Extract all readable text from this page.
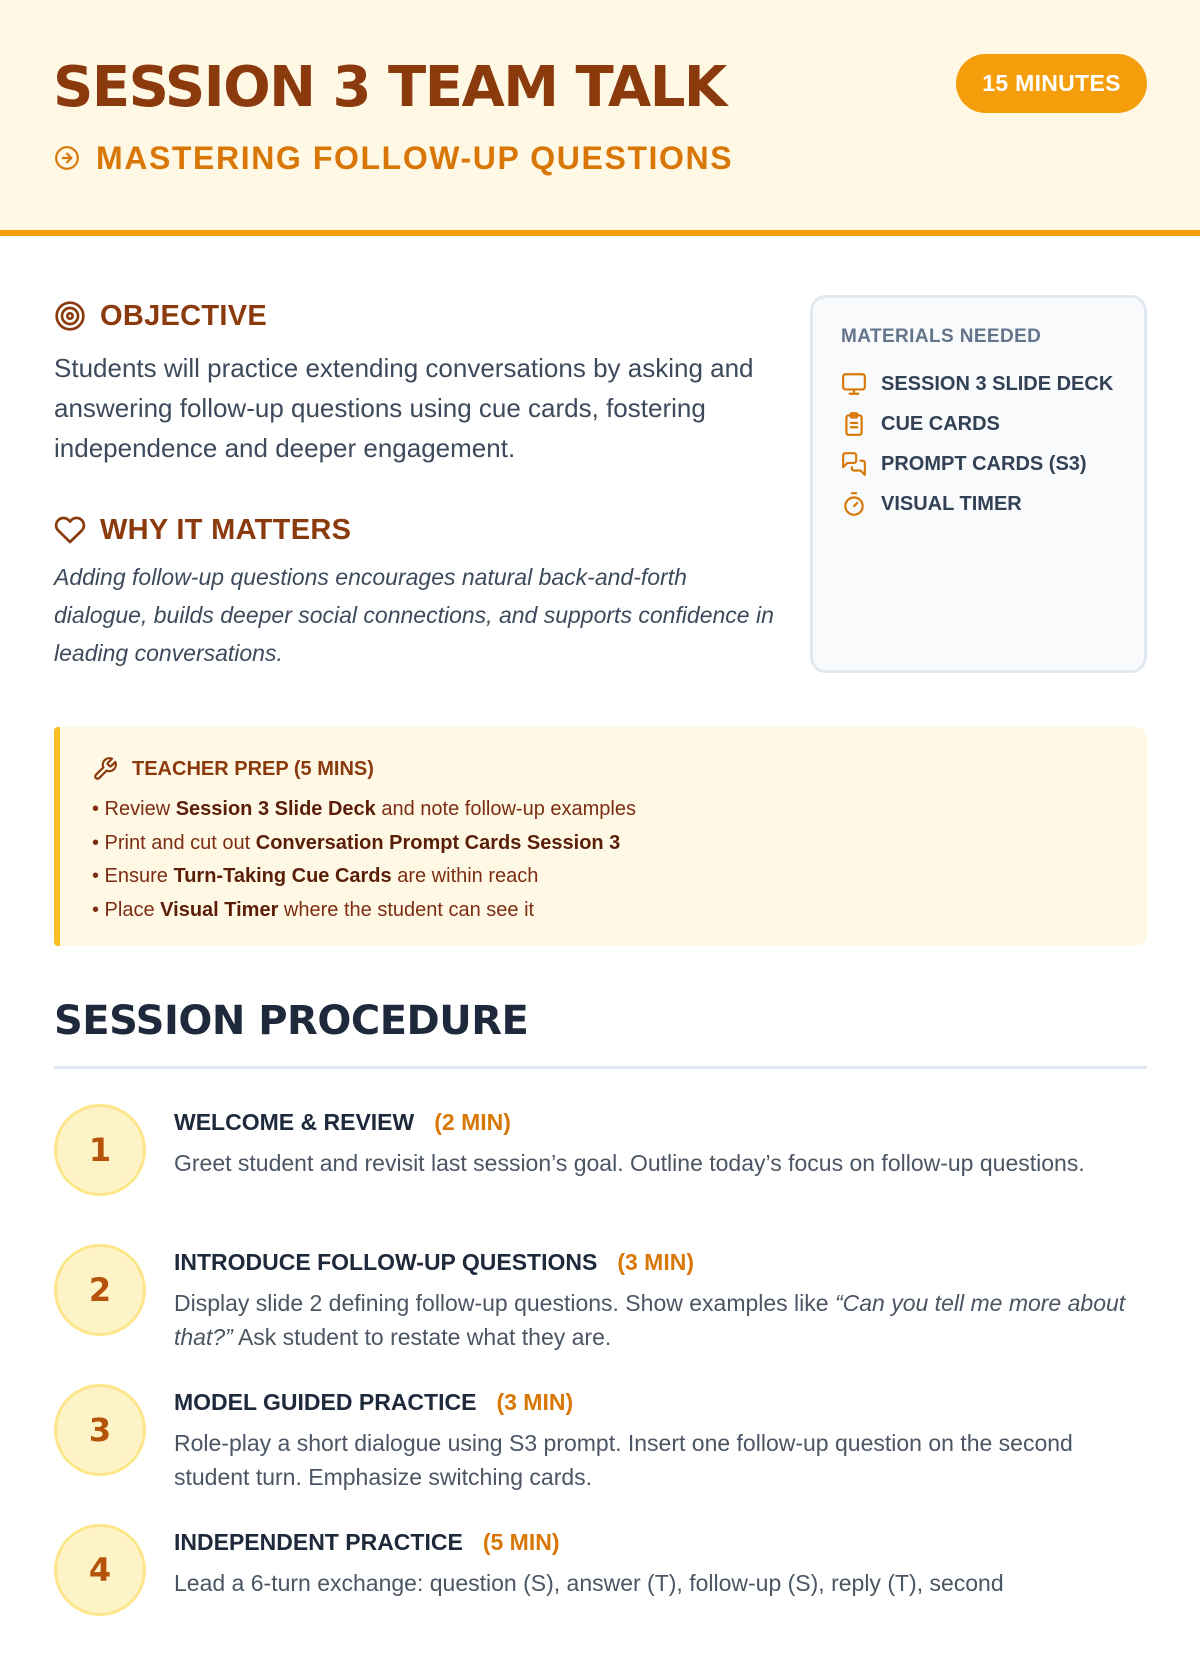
SESSION 3 TEAM TALK
MASTERING FOLLOW-UP QUESTIONS
15 MINUTES
OBJECTIVE

Students will practice extending conversations by asking and answering follow-up questions using cue cards, fostering independence and deeper engagement.

WHY IT MATTERS

Adding follow-up questions encourages natural back-and-forth dialogue, builds deeper social connections, and supports confidence in leading conversations.

MATERIALS NEEDED
SESSION 3 SLIDE DECK
CUE CARDS
PROMPT CARDS (S3)
VISUAL TIMER
TEACHER PREP (5 MINS)
• Review Session 3 Slide Deck and note follow-up examples
• Print and cut out Conversation Prompt Cards Session 3
• Ensure Turn-Taking Cue Cards are within reach
• Place Visual Timer where the student can see it
SESSION PROCEDURE
1
WELCOME & REVIEW (2 MIN)

Greet student and revisit last session’s goal. Outline today’s focus on follow-up questions.

2
INTRODUCE FOLLOW-UP QUESTIONS (3 MIN)

Display slide 2 defining follow-up questions. Show examples like “Can you tell me more about that?” Ask student to restate what they are.

3
MODEL GUIDED PRACTICE (3 MIN)

Role-play a short dialogue using S3 prompt. Insert one follow-up question on the second student turn. Emphasize switching cards.

4
INDEPENDENT PRACTICE (5 MIN)

Lead a 6-turn exchange: question (S), answer (T), follow-up (S), reply (T), second
